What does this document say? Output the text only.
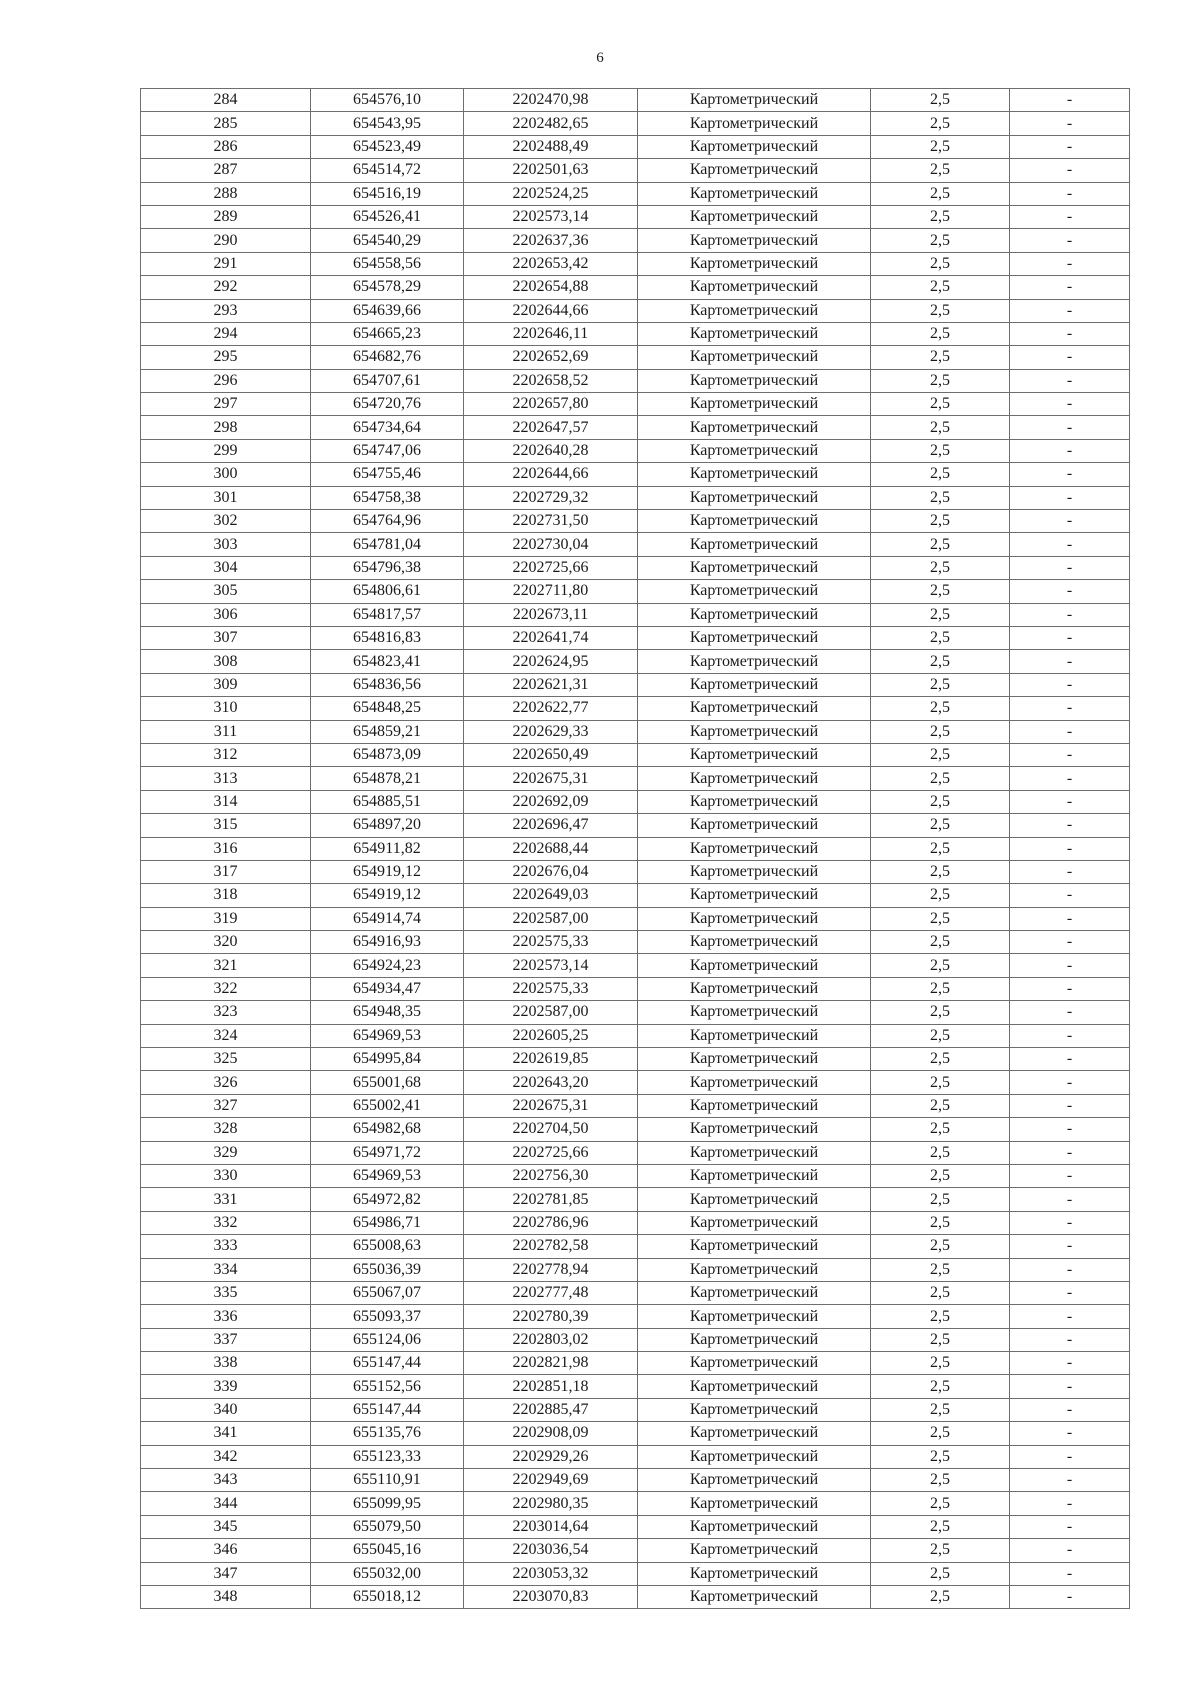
6
284	654576,10	2202470,98	Картометрический	2,5	-
285	654543,95	2202482,65	Картометрический	2,5	-
286	654523,49	2202488,49	Картометрический	2,5	-
287	654514,72	2202501,63	Картометрический	2,5	-
288	654516,19	2202524,25	Картометрический	2,5	-
289	654526,41	2202573,14	Картометрический	2,5	-
290	654540,29	2202637,36	Картометрический	2,5	-
291	654558,56	2202653,42	Картометрический	2,5	-
292	654578,29	2202654,88	Картометрический	2,5	-
293	654639,66	2202644,66	Картометрический	2,5	-
294	654665,23	2202646,11	Картометрический	2,5	-
295	654682,76	2202652,69	Картометрический	2,5	-
296	654707,61	2202658,52	Картометрический	2,5	-
297	654720,76	2202657,80	Картометрический	2,5	-
298	654734,64	2202647,57	Картометрический	2,5	-
299	654747,06	2202640,28	Картометрический	2,5	-
300	654755,46	2202644,66	Картометрический	2,5	-
301	654758,38	2202729,32	Картометрический	2,5	-
302	654764,96	2202731,50	Картометрический	2,5	-
303	654781,04	2202730,04	Картометрический	2,5	-
304	654796,38	2202725,66	Картометрический	2,5	-
305	654806,61	2202711,80	Картометрический	2,5	-
306	654817,57	2202673,11	Картометрический	2,5	-
307	654816,83	2202641,74	Картометрический	2,5	-
308	654823,41	2202624,95	Картометрический	2,5	-
309	654836,56	2202621,31	Картометрический	2,5	-
310	654848,25	2202622,77	Картометрический	2,5	-
311	654859,21	2202629,33	Картометрический	2,5	-
312	654873,09	2202650,49	Картометрический	2,5	-
313	654878,21	2202675,31	Картометрический	2,5	-
314	654885,51	2202692,09	Картометрический	2,5	-
315	654897,20	2202696,47	Картометрический	2,5	-
316	654911,82	2202688,44	Картометрический	2,5	-
317	654919,12	2202676,04	Картометрический	2,5	-
318	654919,12	2202649,03	Картометрический	2,5	-
319	654914,74	2202587,00	Картометрический	2,5	-
320	654916,93	2202575,33	Картометрический	2,5	-
321	654924,23	2202573,14	Картометрический	2,5	-
322	654934,47	2202575,33	Картометрический	2,5	-
323	654948,35	2202587,00	Картометрический	2,5	-
324	654969,53	2202605,25	Картометрический	2,5	-
325	654995,84	2202619,85	Картометрический	2,5	-
326	655001,68	2202643,20	Картометрический	2,5	-
327	655002,41	2202675,31	Картометрический	2,5	-
328	654982,68	2202704,50	Картометрический	2,5	-
329	654971,72	2202725,66	Картометрический	2,5	-
330	654969,53	2202756,30	Картометрический	2,5	-
331	654972,82	2202781,85	Картометрический	2,5	-
332	654986,71	2202786,96	Картометрический	2,5	-
333	655008,63	2202782,58	Картометрический	2,5	-
334	655036,39	2202778,94	Картометрический	2,5	-
335	655067,07	2202777,48	Картометрический	2,5	-
336	655093,37	2202780,39	Картометрический	2,5	-
337	655124,06	2202803,02	Картометрический	2,5	-
338	655147,44	2202821,98	Картометрический	2,5	-
339	655152,56	2202851,18	Картометрический	2,5	-
340	655147,44	2202885,47	Картометрический	2,5	-
341	655135,76	2202908,09	Картометрический	2,5	-
342	655123,33	2202929,26	Картометрический	2,5	-
343	655110,91	2202949,69	Картометрический	2,5	-
344	655099,95	2202980,35	Картометрический	2,5	-
345	655079,50	2203014,64	Картометрический	2,5	-
346	655045,16	2203036,54	Картометрический	2,5	-
347	655032,00	2203053,32	Картометрический	2,5	-
348	655018,12	2203070,83	Картометрический	2,5	-
